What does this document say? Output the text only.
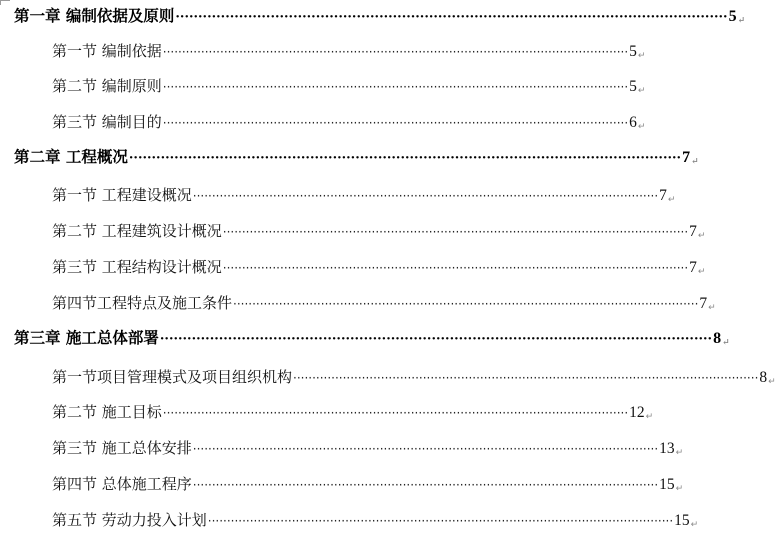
第一章 编制依据及原则 ·························································································································· 5 ↵
第一节 编制依据 ·························································································································· 5 ↵
第二节 编制原则 ·························································································································· 5 ↵
第三节 编制目的 ·························································································································· 6 ↵
第二章 工程概况 ·························································································································· 7 ↵
第一节 工程建设概况 ·························································································································· 7 ↵
第二节 工程建筑设计概况 ·························································································································· 7 ↵
第三节 工程结构设计概况 ·························································································································· 7 ↵
第四节工程特点及施工条件 ·························································································································· 7 ↵
第三章 施工总体部署 ·························································································································· 8 ↵
第一节项目管理模式及项目组织机构 ·························································································································· 8 ↵
第二节 施工目标 ·························································································································· 12 ↵
第三节 施工总体安排 ·························································································································· 13 ↵
第四节 总体施工程序 ·························································································································· 15 ↵
第五节 劳动力投入计划 ·························································································································· 15 ↵
